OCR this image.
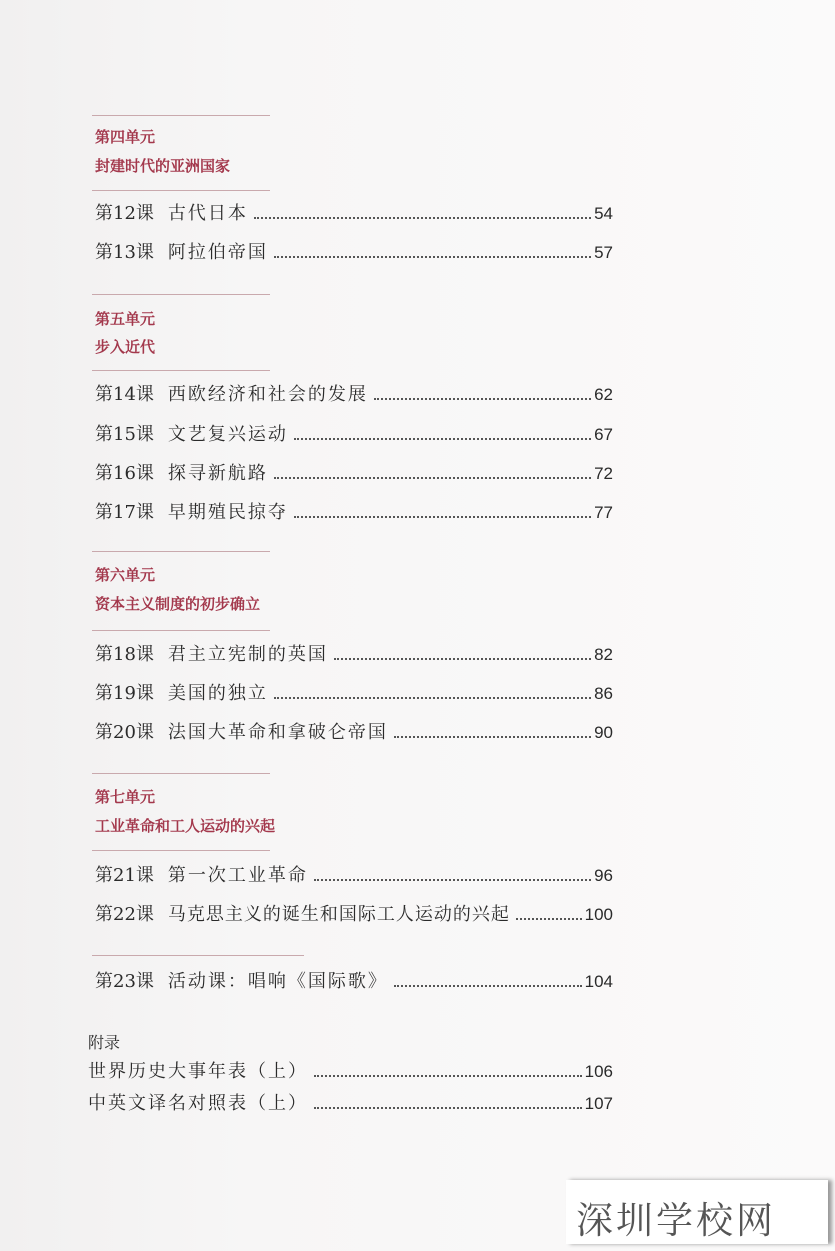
第四单元
封建时代的亚洲国家
第12课 古代日本	54
第13课 阿拉伯帝国	57
第五单元
步入近代
第14课 西欧经济和社会的发展	62
第15课 文艺复兴运动	67
第16课 探寻新航路	72
第17课 早期殖民掠夺	77
第六单元
资本主义制度的初步确立
第18课 君主立宪制的英国	82
第19课 美国的独立	86
第20课 法国大革命和拿破仑帝国	90
第七单元
工业革命和工人运动的兴起
第21课 第一次工业革命	96
第22课 马克思主义的诞生和国际工人运动的兴起	100
第23课 活动课：唱响《国际歌》	104
附录
世界历史大事年表（上）	106
中英文译名对照表（上）	107
深圳学校网
